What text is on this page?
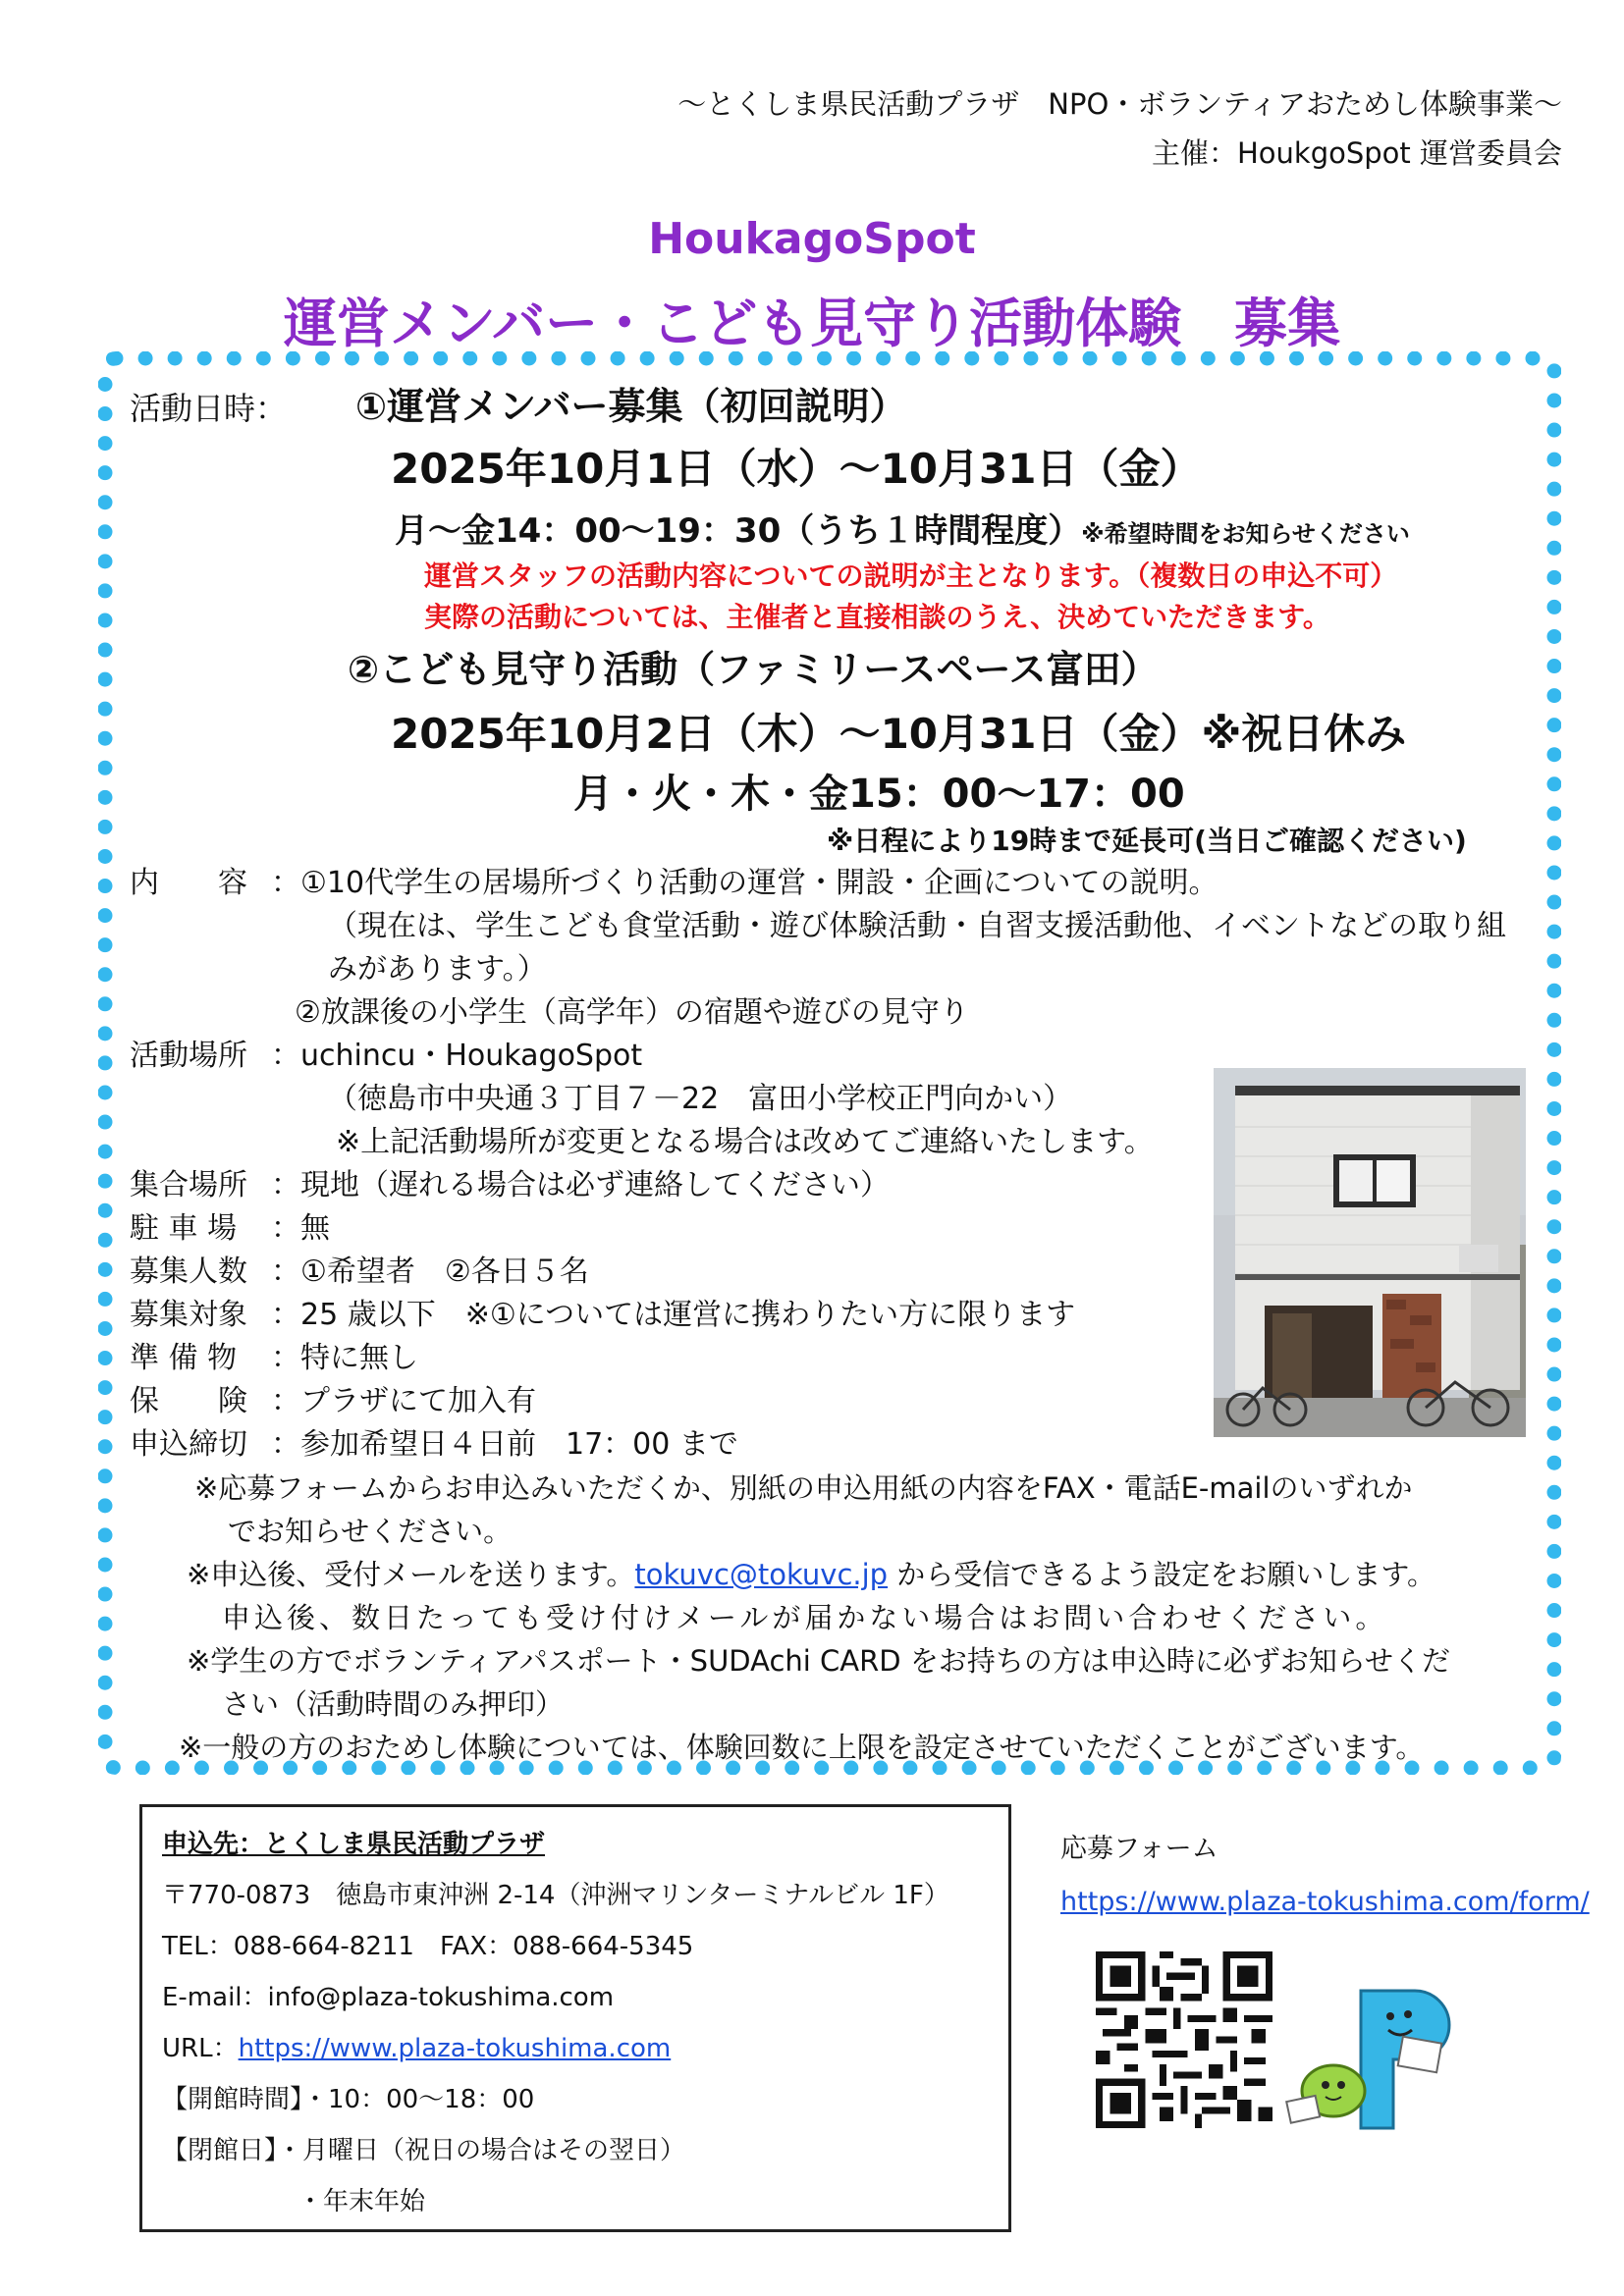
～とくしま県民活動プラザ　NPO・ボランティアおためし体験事業～
主催：HoukgoSpot 運営委員会
HoukagoSpot
運営メンバー・こども見守り活動体験　募集
活動日時： ①運営メンバー募集（初回説明）
2025年10月1日（水）～10月31日（金）
月～金14：00～19：30（うち１時間程度）※希望時間をお知らせください
運営スタッフの活動内容についての説明が主となります。（複数日の申込不可）
実際の活動については、主催者と直接相談のうえ、決めていただきます。
②こども見守り活動（ファミリースペース富田）
2025年10月2日（木）～10月31日（金）※祝日休み
月・火・木・金15：00～17：00
※日程により19時まで延長可(当日ご確認ください)
内　　容 ：①10代学生の居場所づくり活動の運営・開設・企画についての説明。
（現在は、学生こども食堂活動・遊び体験活動・自習支援活動他、イベントなどの取り組
みがあります。）
②放課後の小学生（高学年）の宿題や遊びの見守り
活動場所 ：uchincu・HoukagoSpot
（徳島市中央通３丁目７－22　富田小学校正門向かい）
※上記活動場所が変更となる場合は改めてご連絡いたします。
集合場所 ：現地（遅れる場合は必ず連絡してください）
駐 車 場 ：無
募集人数 ：①希望者　②各日５名
募集対象 ：25 歳以下　※①については運営に携わりたい方に限ります
準 備 物 ：特に無し
保　　険 ：プラザにて加入有
申込締切 ：参加希望日４日前　17：00 まで
※応募フォームからお申込みいただくか、別紙の申込用紙の内容をFAX・電話E-mailのいずれか
でお知らせください。
※申込後、受付メールを送ります。tokuvc@tokuvc.jp から受信できるよう設定をお願いします。
申込後、数日たっても受け付けメールが届かない場合はお問い合わせください。
※学生の方でボランティアパスポート・SUDAchi CARD をお持ちの方は申込時に必ずお知らせくだ
さい（活動時間のみ押印）
※一般の方のおためし体験については、体験回数に上限を設定させていただくことがございます。
申込先：とくしま県民活動プラザ
〒770-0873　徳島市東沖洲 2-14（沖洲マリンターミナルビル 1F）
TEL：088-664-8211　FAX：088-664-5345
E-mail：info@plaza-tokushima.com
URL：https://www.plaza-tokushima.com
【開館時間】・10：00～18：00
【閉館日】・月曜日（祝日の場合はその翌日）
・年末年始
応募フォーム
https://www.plaza-tokushima.com/form/
